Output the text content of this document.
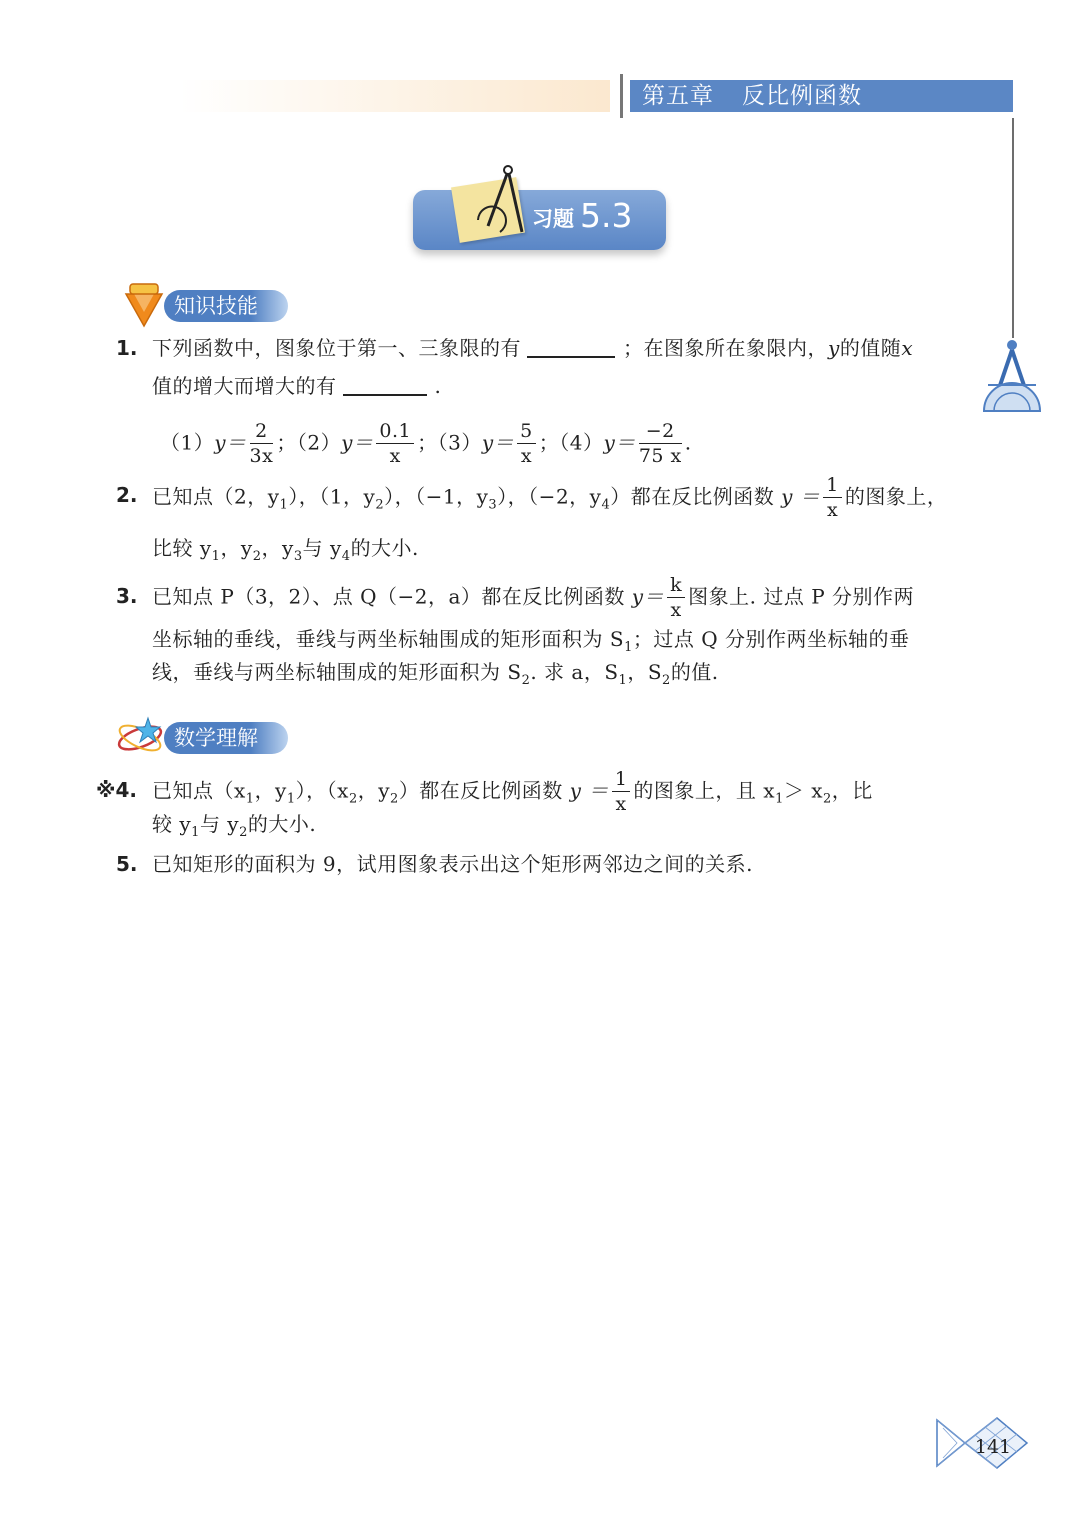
第五章 反比例函数
习题 5.3
知识技能
1. 下列函数中，图象位于第一、三象限的有	；在图象所在象限内，y的值随x
值的增大而增大的有	.
$(1)y= \frac{2}{3x}$ ；$(2)y= \frac{0.1}{x}$ ；$(3)y= \frac{5}{x}$ ；$(4)y= \frac{-2}{75 x}$ .
2. 已知点（2，$y_1$），（1，$y_2$），（−1，$y_3$），（−2，$y_4$）都在反比例函数 $y = \frac{1}{x}$ 的图象上，
比较 $y_1$，$y_2$，$y_3$与 $y_4$的大小.
3. 已知点 P（3，2）、点 Q（−2，a）都在反比例函数 $y= \frac{k}{x}$ 图象上. 过点 P 分别作两
坐标轴的垂线，垂线与两坐标轴围成的矩形面积为 $S_1$；过点 Q 分别作两坐标轴的垂
线，垂线与两坐标轴围成的矩形面积为 $S_2$. 求 a，$S_1$，$S_2$的值.
数学理解
※4. 已知点（$x_1$，$y_1$），（$x_2$，$y_2$）都在反比例函数 $y = \frac{1}{x}$ 的图象上，且 $x_1> x_2$，比
较 $y_1$与 $y_2$的大小.
5. 已知矩形的面积为 9，试用图象表示出这个矩形两邻边之间的关系.
141
